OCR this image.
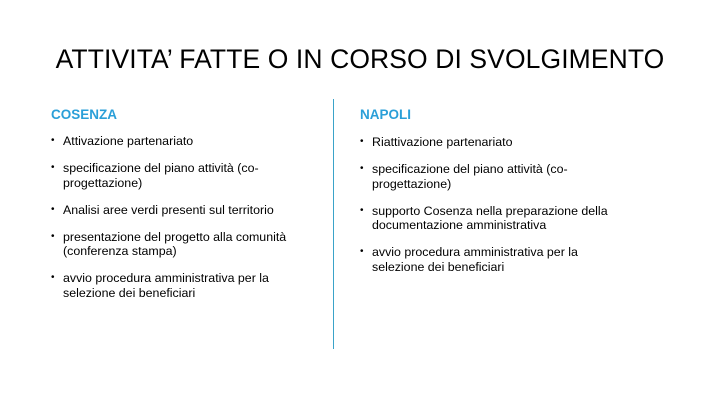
ATTIVITA’ FATTE O IN CORSO DI SVOLGIMENTO
COSENZA
• Attivazione partenariato
• specificazione del piano attività (co-progettazione)
• Analisi aree verdi presenti sul territorio
• presentazione del progetto alla comunità (conferenza stampa)
• avvio procedura amministrativa per la selezione dei beneficiari
NAPOLI
• Riattivazione partenariato
• specificazione del piano attività (co-progettazione)
• supporto Cosenza nella preparazione della documentazione amministrativa
• avvio procedura amministrativa per la selezione dei beneficiari
